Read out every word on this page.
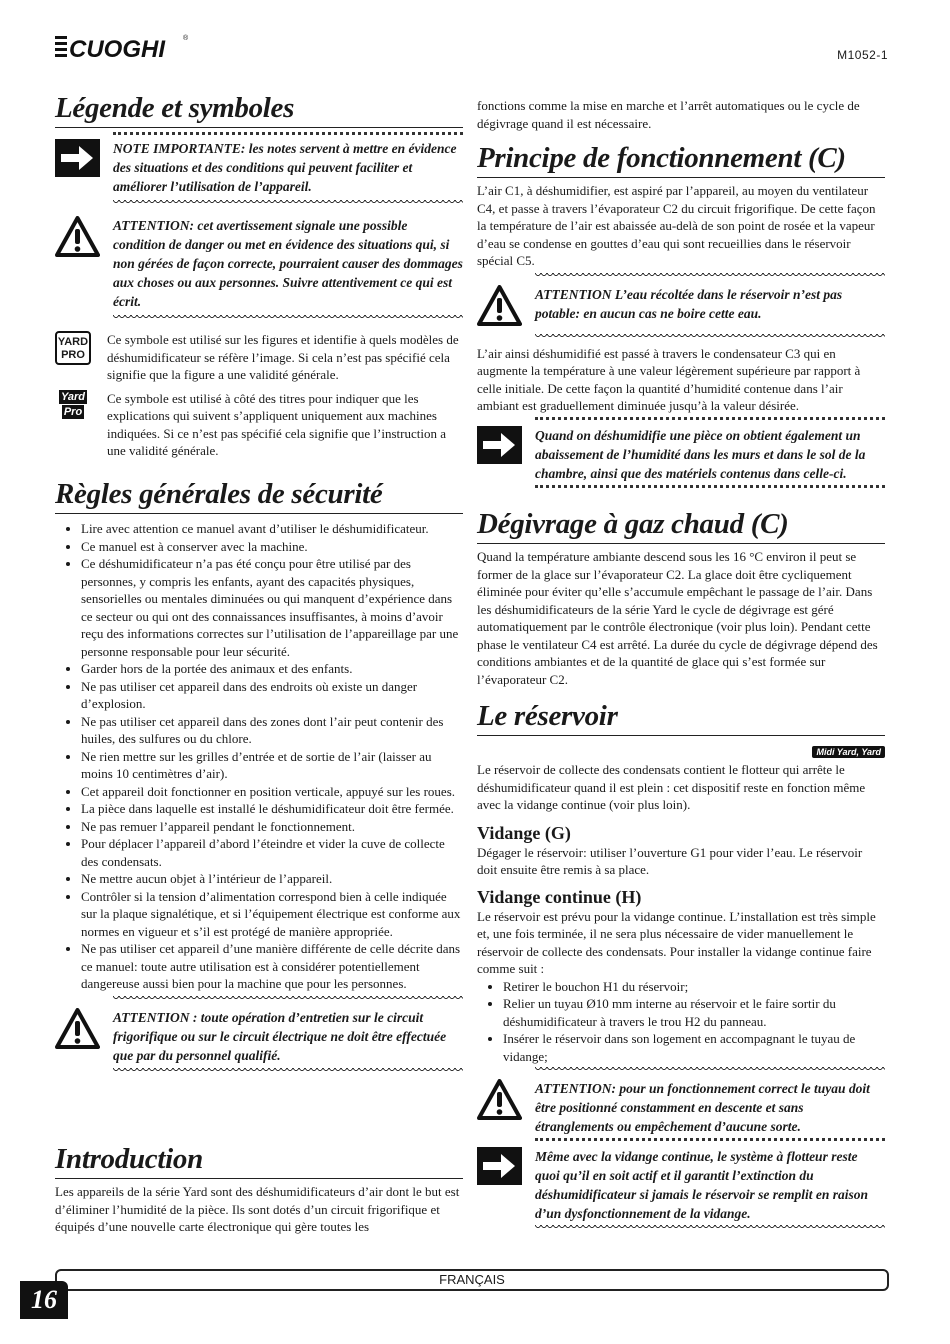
CUOGHI	®
M1052-1
Légende et symboles

NOTE IMPORTANTE: les notes servent à mettre en évidence des situations et des conditions qui peuvent faciliter et améliorer l’utilisation de l’appareil.

ATTENTION: cet avertissement signale une possible condition de danger ou met en évidence des situations qui, si non gérées de façon correcte, pourraient causer des dommages aux choses ou aux personnes. Suivre attentivement ce qui est écrit.

YARD PRO

Ce symbole est utilisé sur les figures et identifie à quels modèles de déshumidificateur se réfère l’image. Si cela n’est pas spécifié cela signifie que la figure a une validité générale.

Yard
Pro

Ce symbole est utilisé à côté des titres pour indiquer que les explications qui suivent s’appliquent uniquement aux machines indiquées. Si ce n’est pas spécifié cela signifie que l’instruction a une validité générale.

Règles générales de sécurité
• Lire avec attention ce manuel avant d’utiliser le déshumidificateur.
• Ce manuel est à conserver avec la machine.
• Ce déshumidificateur n’a pas été conçu pour être utilisé par des personnes, y compris les enfants, ayant des capacités physiques, sensorielles ou mentales diminuées ou qui manquent d’expérience dans ce secteur ou qui ont des connaissances insuffisantes, à moins d’avoir reçu des informations correctes sur l’utilisation de l’appareillage par une personne responsable pour leur sécurité.
• Garder hors de la portée des animaux et des enfants.
• Ne pas utiliser cet appareil dans des endroits où existe un danger d’explosion.
• Ne pas utiliser cet appareil dans des zones dont l’air peut contenir des huiles, des sulfures ou du chlore.
• Ne rien mettre sur les grilles d’entrée et de sortie de l’air (laisser au moins 10 centimètres d’air).
• Cet appareil doit fonctionner en position verticale, appuyé sur les roues.
• La pièce dans laquelle est installé le déshumidificateur doit être fermée.
• Ne pas remuer l’appareil pendant le fonctionnement.
• Pour déplacer l’appareil d’abord l’éteindre et vider la cuve de collecte des condensats.
• Ne mettre aucun objet à l’intérieur de l’appareil.
• Contrôler si la tension d’alimentation correspond bien à celle indiquée sur la plaque signalétique, et si l’équipement électrique est conforme aux normes en vigueur et s’il est protégé de manière appropriée.
• Ne pas utiliser cet appareil d’une manière différente de celle décrite dans ce manuel: toute autre utilisation est à considérer potentiellement dangereuse aussi bien pour la machine que pour les personnes.

ATTENTION : toute opération d’entretien sur le circuit frigorifique ou sur le circuit électrique ne doit être effectuée que par du personnel qualifié.

Introduction

Les appareils de la série Yard sont des déshumidificateurs d’air dont le but est d’éliminer l’humidité de la pièce. Ils sont dotés d’un circuit frigorifique et équipés d’une nouvelle carte électronique qui gère toutes les

fonctions comme la mise en marche et l’arrêt automatiques ou le cycle de dégivrage quand il est nécessaire.

Principe de fonctionnement (C)

L’air C1, à déshumidifier, est aspiré par l’appareil, au moyen du ventilateur C4, et passe à travers l’évaporateur C2 du circuit frigorifique. De cette façon la température de l’air est abaissée au-delà de son point de rosée et la vapeur d’eau se condense en gouttes d’eau qui sont recueillies dans le réservoir spécial C5.

ATTENTION L’eau récoltée dans le réservoir n’est pas potable: en aucun cas ne boire cette eau.

L’air ainsi déshumidifié est passé à travers le condensateur C3 qui en augmente la température à une valeur légèrement supérieure par rapport à celle initiale. De cette façon la quantité d’humidité contenue dans l’air ambiant est graduellement diminuée jusqu’à la valeur désirée.

Quand on déshumidifie une pièce on obtient également un abaissement de l’humidité dans les murs et dans le sol de la chambre, ainsi que des matériels contenus dans celle-ci.

Dégivrage à gaz chaud (C)

Quand la température ambiante descend sous les 16 °C environ il peut se former de la glace sur l’évaporateur C2. La glace doit être cycliquement éliminée pour éviter qu’elle s’accumule empêchant le passage de l’air. Dans les déshumidificateurs de la série Yard le cycle de dégivrage est géré automatiquement par le contrôle électronique (voir plus loin). Pendant cette phase le ventilateur C4 est arrêté. La durée du cycle de dégivrage dépend des conditions ambiantes et de la quantité de glace qui s’est formée sur l’évaporateur C2.

Le réservoir
Midi Yard, Yard

Le réservoir de collecte des condensats contient le flotteur qui arrête le déshumidificateur quand il est plein : cet dispositif reste en fonction même avec la vidange continue (voir plus loin).

Vidange (G)

Dégager le réservoir: utiliser l’ouverture G1 pour vider l’eau. Le réservoir doit ensuite être remis à sa place.

Vidange continue (H)

Le réservoir est prévu pour la vidange continue. L’installation est très simple et, une fois terminée, il ne sera plus nécessaire de vider manuellement le réservoir de collecte des condensats. Pour installer la vidange continue faire comme suit :

• Retirer le bouchon H1 du réservoir;
• Relier un tuyau Ø10 mm interne au réservoir et le faire sortir du déshumidificateur à travers le trou H2 du panneau.
• Insérer le réservoir dans son logement en accompagnant le tuyau de vidange;

ATTENTION: pour un fonctionnement correct le tuyau doit être positionné constamment en descente et sans étranglements ou empêchement d’aucune sorte.

Même avec la vidange continue, le système à flotteur reste quoi qu’il en soit actif et il garantit l’extinction du déshumidificateur si jamais le réservoir se remplit en raison d’un dysfonctionnement de la vidange.

FRANÇAIS
16
